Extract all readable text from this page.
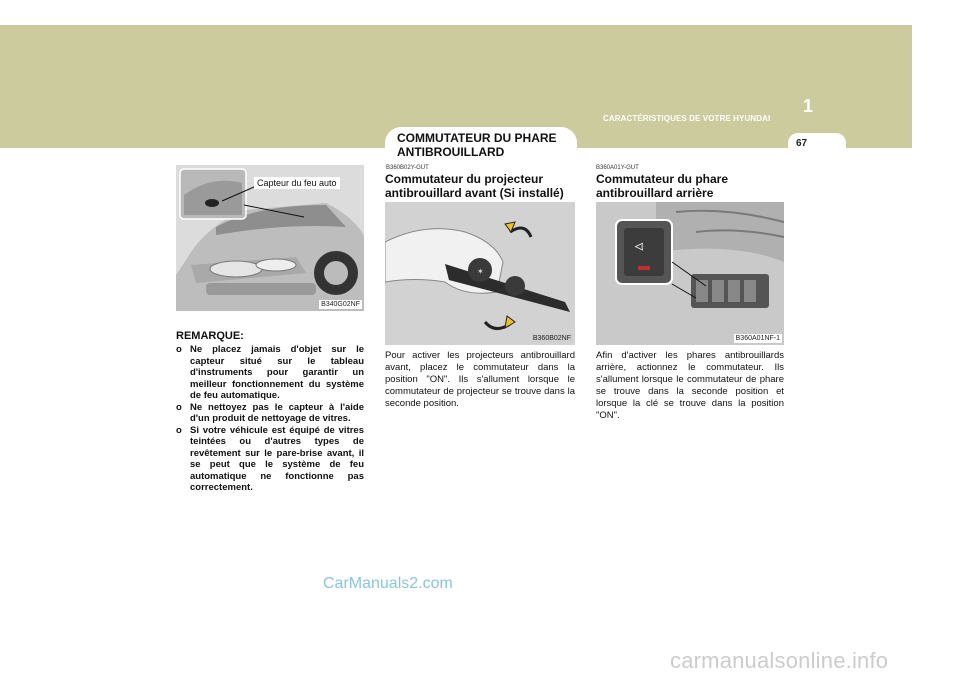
1
CARACTÉRISTIQUES DE VOTRE HYUNDAI
67
COMMUTATEUR DU PHARE ANTIBROUILLARD
B340G02NF
Capteur du feu auto
REMARQUE:
o Ne placez jamais d'objet sur le capteur situé sur le tableau d'instruments pour garantir un meilleur fonctionnement du système de feu automatique.
o Ne nettoyez pas le capteur à l'aide d'un produit de nettoyage de vitres.
o Si votre véhicule est équipé de vitres teintées ou d'autres types de revêtement sur le pare-brise avant, il se peut que le système de feu automatique ne fonctionne pas correctement.
B360B02Y-GUT
Commutateur du projecteur antibrouillard avant (Si installé)
✶
B360B02NF
Pour activer les projecteurs antibrouillard avant, placez le commutateur dans la position "ON". Ils s'allument lorsque le commutateur de projecteur se trouve dans la seconde position.
B360A01Y-GUT
Commutateur du phare antibrouillard arrière
⏿
B360A01NF-1
Afin d'activer les phares antibrouillards arrière, actionnez le commutateur. Ils s'allument lorsque le commutateur de phare se trouve dans la seconde position et lorsque la clé se trouve dans la position "ON".
CarManuals2.com
carmanualsonline.info
